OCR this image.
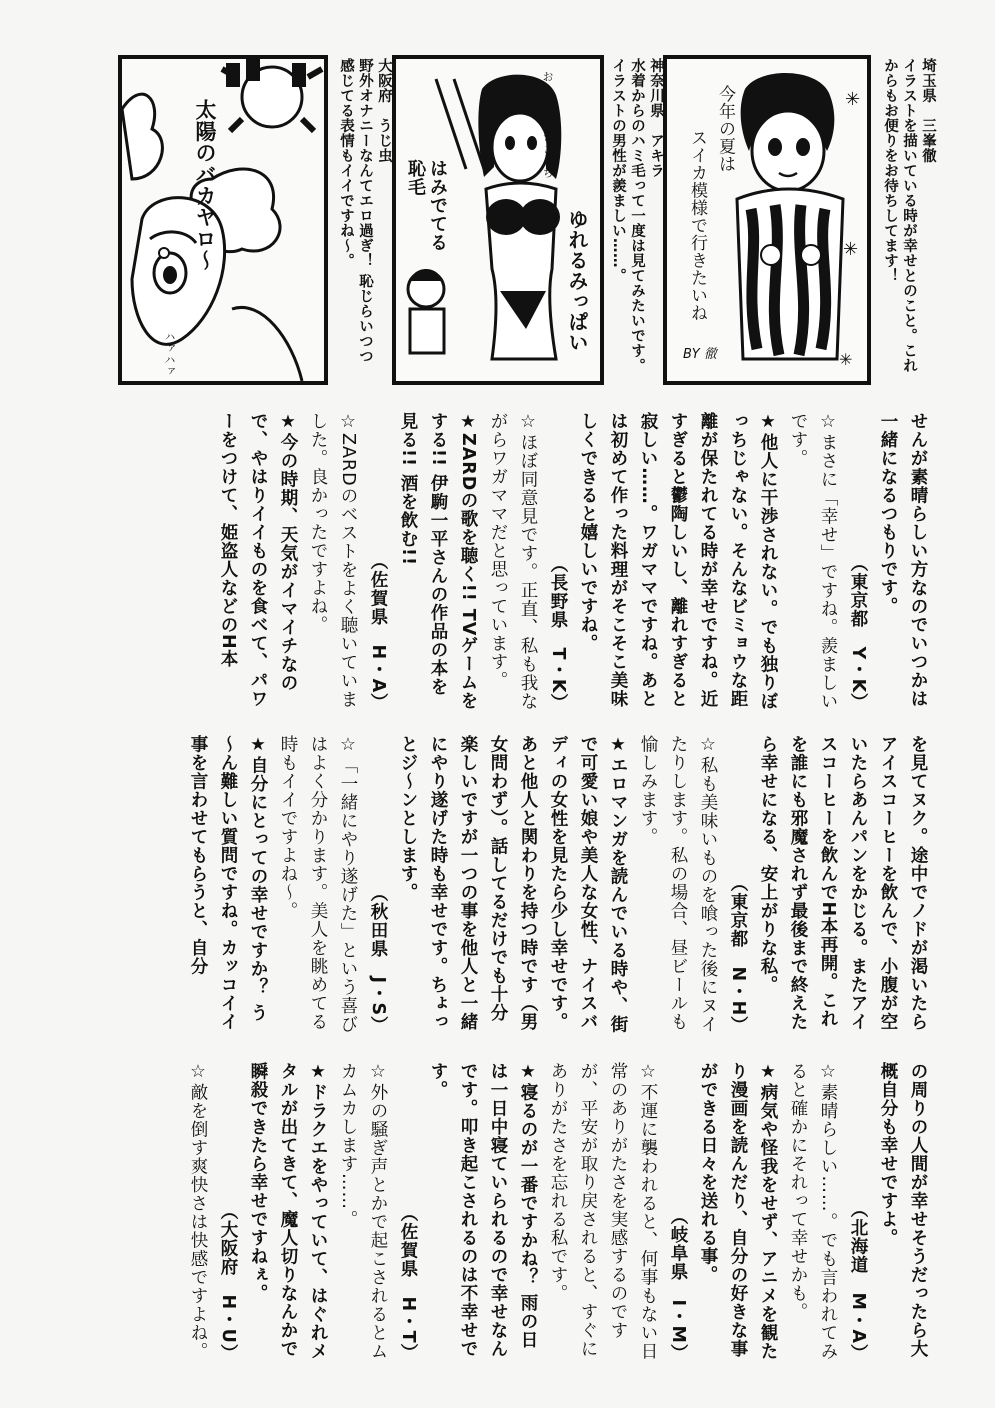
✳
✳
✳
今年の夏は
スイカ模様で行きたいね
BY 徹
埼玉県　三峯徹
イラストを描いている時が幸せとのこと。これからもお便りをお待ちしてます！
おーい こっちこっち
ゆれるみっぱい
はみでてる
恥毛
神奈川県　アキラ
水着からのハミ毛って一度は見てみたいです。イラストの男性が羨ましい……。
太陽のバカヤロ～
ハァハァ
大阪府　うじ虫
野外オナニーなんてエロ過ぎ！ 恥じらいつつ感じてる表情もイイですね～。

せんが素晴らしい方なのでいつかは一緒になるつもりです。

（東京都　Y・K）

☆まさに「幸せ」ですね。羨ましいです。

★他人に干渉されない。でも独りぼっちじゃない。そんなビミョウな距離が保たれてる時が幸せですね。近すぎると鬱陶しいし、離れすぎると寂しい……。ワガママですね。あとは初めて作った料理がそこそこ美味しくできると嬉しいですね。

（長野県　T・K）

☆ほぼ同意見です。正直、私も我ながらワガママだと思っています。

★ZARDの歌を聴く!! TVゲームをする!! 伊駒一平さんの作品の本を見る!! 酒を飲む!!

（佐賀県　H・A）

☆ZARDのベストをよく聴いていました。良かったですよね。

★今の時期、天気がイマイチなので、やはりイイものを食べて、パワーをつけて、姫盗人などのH本

を見てヌク。途中でノドが渇いたらアイスコーヒーを飲んで、小腹が空いたらあんパンをかじる。またアイスコーヒーを飲んでH本再開。これを誰にも邪魔されず最後まで終えたら幸せになる、安上がりな私。

（東京都　N・H）

☆私も美味いものを喰った後にヌイたりします。私の場合、昼ビールも愉しみます。

★エロマンガを読んでいる時や、街で可愛い娘や美人な女性、ナイスバディの女性を見たら少し幸せです。あと他人と関わりを持つ時です（男女問わず）。話してるだけでも十分楽しいですが一つの事を他人と一緒にやり遂げた時も幸せです。ちょっとジ～ンとします。

（秋田県　J・S）

☆「一緒にやり遂げた」という喜びはよく分かります。美人を眺めてる時もイイですよね～。

★自分にとっての幸せですか？ う～ん難しい質問ですね。カッコイイ事を言わせてもらうと、自分

の周りの人間が幸せそうだったら大概自分も幸せですよ。

（北海道　M・A）

☆素晴らしい……。でも言われてみると確かにそれって幸せかも。

★病気や怪我をせず、アニメを観たり漫画を読んだり、自分の好きな事ができる日々を送れる事。

（岐阜県　I・M）

☆不運に襲われると、何事もない日常のありがたさを実感するのですが、平安が取り戻されると、すぐにありがたさを忘れる私です。

★寝るのが一番ですかね？ 雨の日は一日中寝ていられるので幸せなんです。叩き起こされるのは不幸せです。

（佐賀県　H・T）

☆外の騒ぎ声とかで起こされるとムカムカします……。

★ドラクエをやっていて、はぐれメタルが出てきて、魔人切りなんかで瞬殺できたら幸せですねぇ。

（大阪府　H・U）

☆敵を倒す爽快さは快感ですよね。
